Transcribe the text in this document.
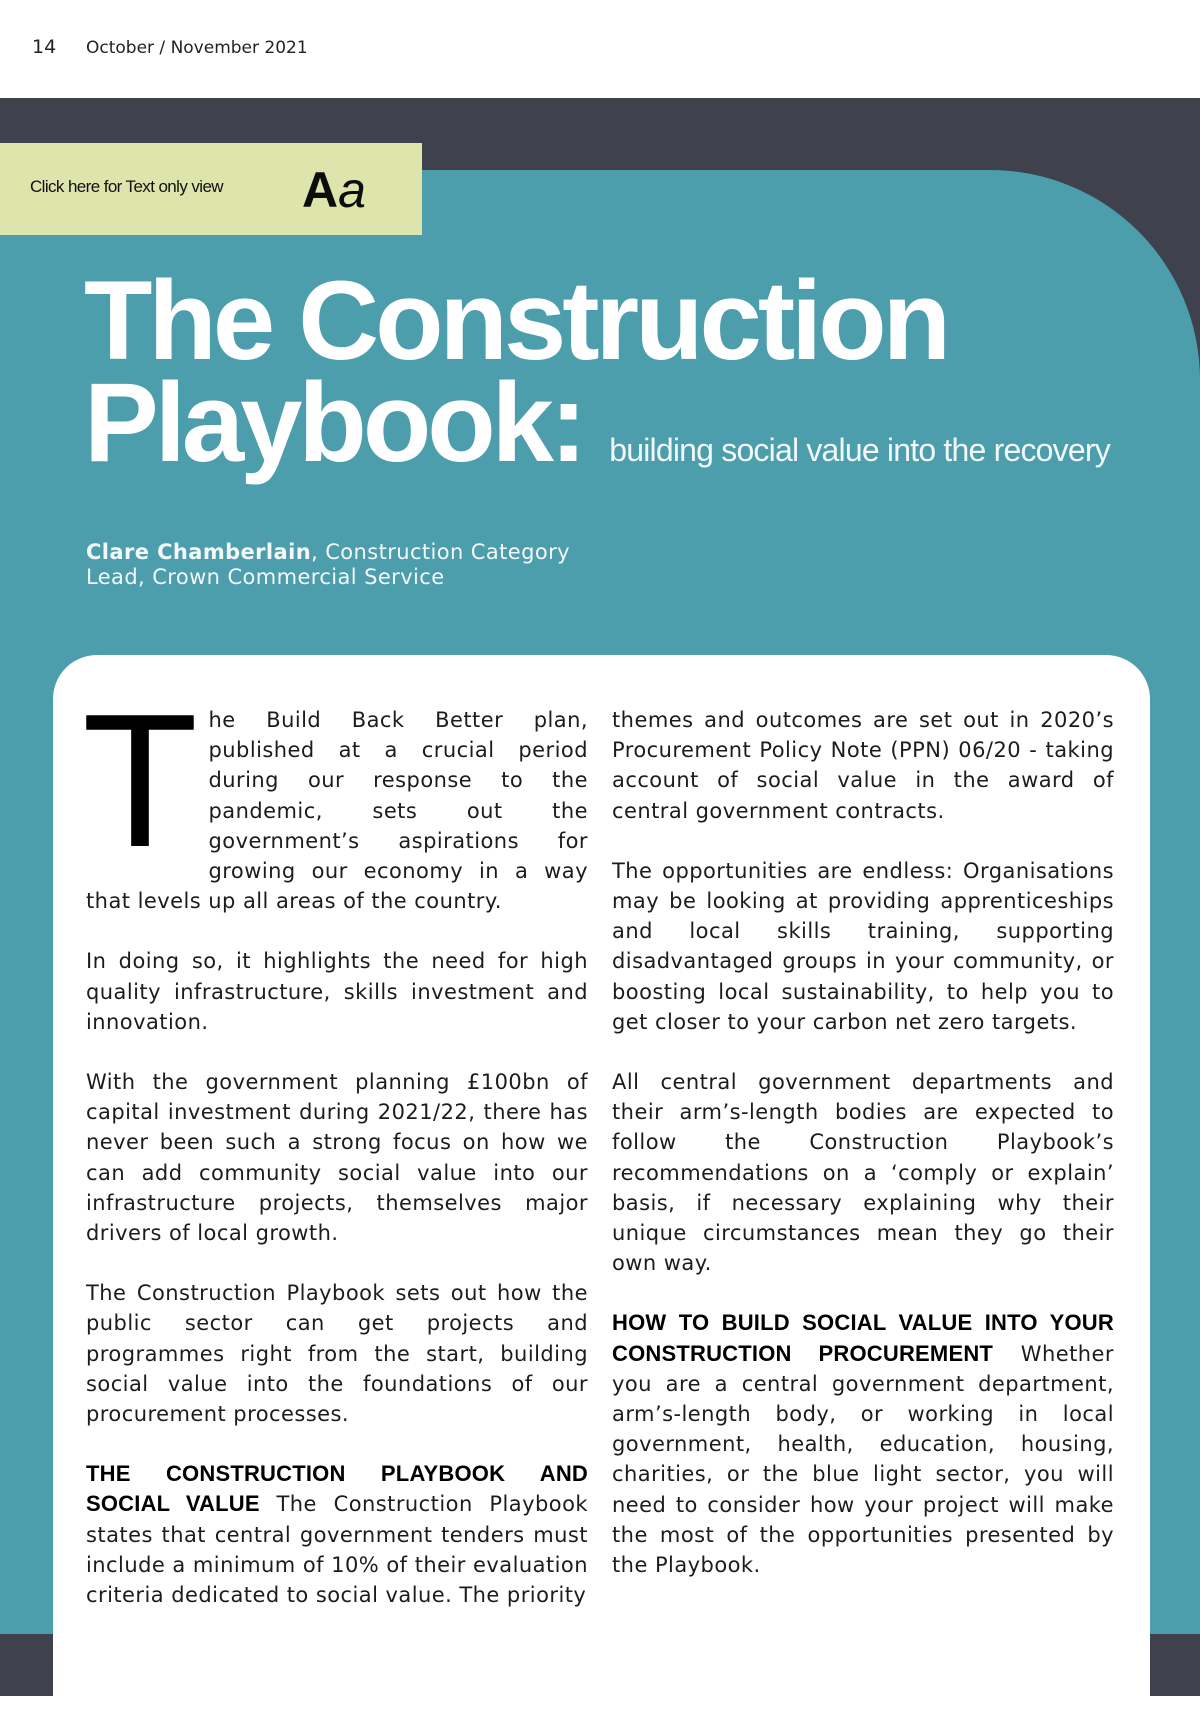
14 October / November 2021
Click here for Text only view Aa
The Construction
Playbook: building social value into the recovery
Clare Chamberlain, Construction Category Lead, Crown Commercial Service

The Build Back Better plan, published at a crucial period during our response to the pandemic, sets out the government’s aspirations for growing our economy in a way that levels up all areas of the country.

In doing so, it highlights the need for high quality infrastructure, skills investment and innovation.

With the government planning £100bn of capital investment during 2021/22, there has never been such a strong focus on how we can add community social value into our infrastructure projects, themselves major drivers of local growth.

The Construction Playbook sets out how the public sector can get projects and programmes right from the start, building social value into the foundations of our procurement processes.

THE CONSTRUCTION PLAYBOOK AND SOCIAL VALUE The Construction Playbook states that central government tenders must include a minimum of 10% of their evaluation criteria dedicated to social value. The priority

themes and outcomes are set out in 2020’s Procurement Policy Note (PPN) 06/20 - taking account of social value in the award of central government contracts.

The opportunities are endless: Organisations may be looking at providing apprenticeships and local skills training, supporting disadvantaged groups in your community, or boosting local sustainability, to help you to get closer to your carbon net zero targets.

All central government departments and their arm’s-length bodies are expected to follow the Construction Playbook’s recommendations on a ‘comply or explain’ basis, if necessary explaining why their unique circumstances mean they go their own way.

HOW TO BUILD SOCIAL VALUE INTO YOUR CONSTRUCTION PROCUREMENT Whether you are a central government department, arm’s-length body, or working in local government, health, education, housing, charities, or the blue light sector, you will need to consider how your project will make the most of the opportunities presented by the Playbook.
